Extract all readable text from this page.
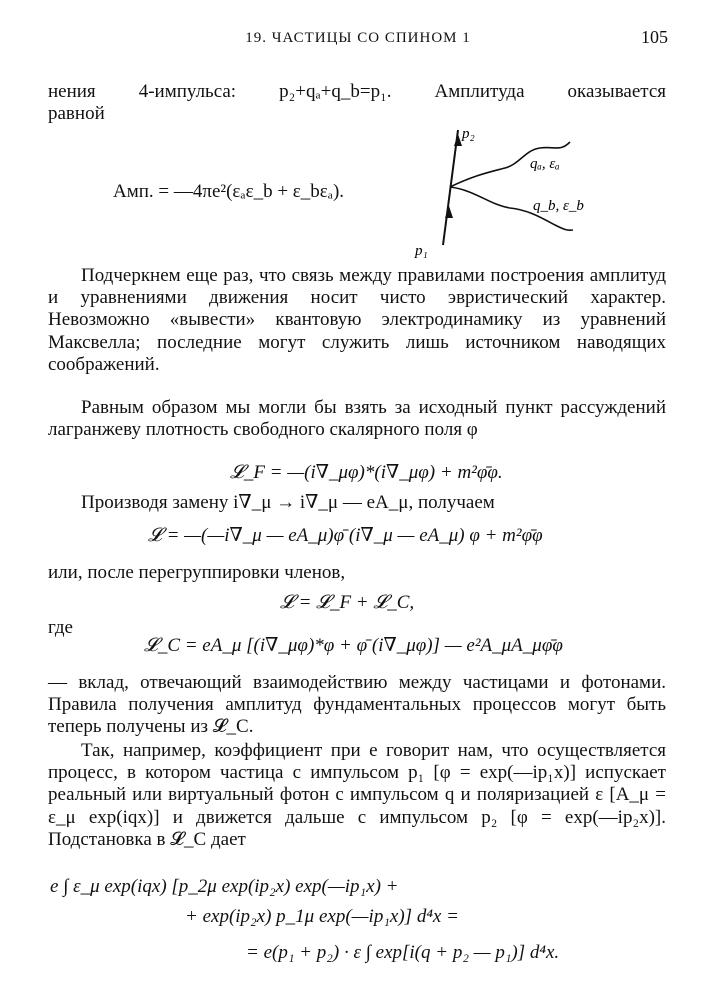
19. ЧАСТИЦЫ СО СПИНОМ 1	105

нения 4-импульса: p₂+qₐ+q_b=p₁. Амплитуда оказывается

равной

Амп. = —4πe²(εₐε_b + ε_bεₐ).
p₂
p₁
qₐ, εₐ
q_b, ε_b

Подчеркнем еще раз, что связь между правилами построения амплитуд и уравнениями движения носит чисто эвристический характер. Невозможно «вывести» квантовую электродинамику из уравнений Максвелла; последние могут служить лишь источником наводящих соображений.

Равным образом мы могли бы взять за исходный пункт рассуждений лагранжеву плотность свободного скалярного поля φ

𝓛_F = —(i∇_μφ)*(i∇_μφ) + m²φ̄φ.

Производя замену i∇_μ → i∇_μ — eA_μ, получаем

𝓛 = —(—i∇_μ — eA_μ)φ̄ (i∇_μ — eA_μ) φ + m²φ̄φ

или, после перегруппировки членов,

𝓛 = 𝓛_F + 𝓛_C,

где

𝓛_C = eA_μ [(i∇_μφ)*φ + φ̄ (i∇_μφ)] — e²A_μA_μφ̄φ

— вклад, отвечающий взаимодействию между частицами и фотонами. Правила получения амплитуд фундаментальных процессов могут быть теперь получены из 𝓛_C.

Так, например, коэффициент при e говорит нам, что осуществляется процесс, в котором частица с импульсом p₁ [φ = exp(—ip₁x)] испускает реальный или виртуальный фотон с импульсом q и поляризацией ε [A_μ = ε_μ exp(iqx)] и движется дальше с импульсом p₂ [φ = exp(—ip₂x)]. Подстановка в 𝓛_C дает

e ∫ ε_μ exp(iqx) [p_2μ exp(ip₂x) exp(—ip₁x) +
+ exp(ip₂x) p_1μ exp(—ip₁x)] d⁴x =
= e(p₁ + p₂) · ε ∫ exp[i(q + p₂ — p₁)] d⁴x.
